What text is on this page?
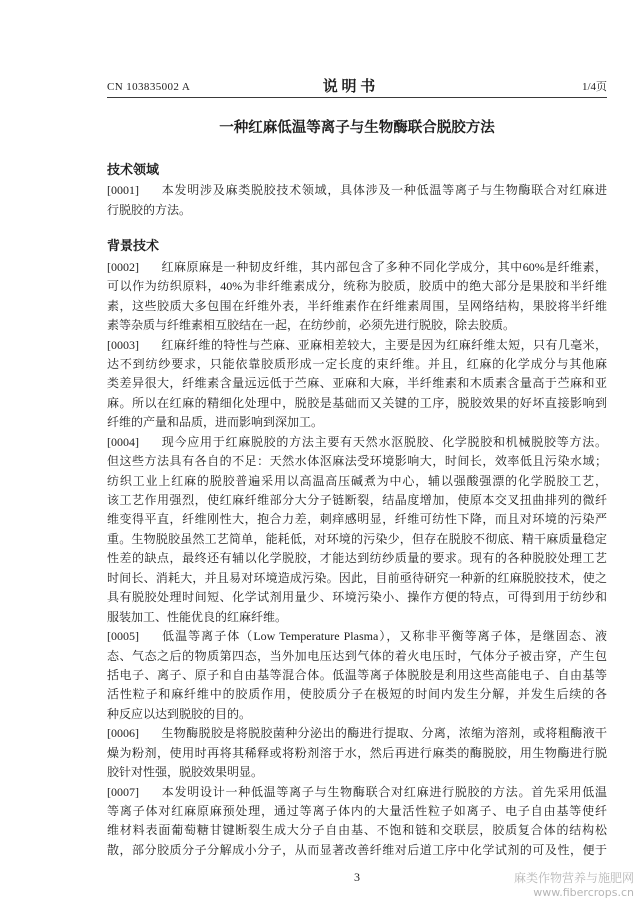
CN 103835002 A	说 明 书	1/4页
一种红麻低温等离子与生物酶联合脱胶方法
技术领域
[0001] 本发明涉及麻类脱胶技术领域，具体涉及一种低温等离子与生物酶联合对红麻进
行脱胶的方法。
背景技术
[0002] 红麻原麻是一种韧皮纤维，其内部包含了多种不同化学成分，其中60%是纤维素，
可以作为纺织原料，40%为非纤维素成分，统称为胶质，胶质中的绝大部分是果胶和半纤维
素，这些胶质大多包围在纤维外表，半纤维素作在纤维素周围，呈网络结构，果胶将半纤维
素等杂质与纤维素相互胶结在一起，在纺纱前，必须先进行脱胶，除去胶质。
[0003] 红麻纤维的特性与苎麻、亚麻相差较大，主要是因为红麻纤维太短，只有几毫米，
达不到纺纱要求，只能依靠胶质形成一定长度的束纤维。并且，红麻的化学成分与其他麻
类差异很大，纤维素含量远远低于苎麻、亚麻和大麻，半纤维素和木质素含量高于苎麻和亚
麻。所以在红麻的精细化处理中，脱胶是基础而又关键的工序，脱胶效果的好坏直接影响到
纤维的产量和品质，进而影响到深加工。
[0004] 现今应用于红麻脱胶的方法主要有天然水沤脱胶、化学脱胶和机械脱胶等方法。
但这些方法具有各自的不足：天然水体沤麻法受环境影响大，时间长，效率低且污染水域；
纺织工业上红麻的脱胶普遍采用以高温高压碱煮为中心，辅以强酸强漂的化学脱胶工艺，
该工艺作用强烈，使红麻纤维部分大分子链断裂，结晶度增加，使原本交叉扭曲排列的微纤
维变得平直，纤维刚性大，抱合力差，刺痒感明显，纤维可纺性下降，而且对环境的污染严
重。生物脱胶虽然工艺简单，能耗低，对环境的污染少，但存在脱胶不彻底、精干麻质量稳定
性差的缺点，最终还有辅以化学脱胶，才能达到纺纱质量的要求。现有的各种脱胶处理工艺
时间长、消耗大，并且易对环境造成污染。因此，目前亟待研究一种新的红麻脱胶技术，使之
具有脱胶处理时间短、化学试剂用量少、环境污染小、操作方便的特点，可得到用于纺纱和
服装加工、性能优良的红麻纤维。
[0005] 低温等离子体（Low Temperature Plasma），又称非平衡等离子体，是继固态、液
态、气态之后的物质第四态，当外加电压达到气体的着火电压时，气体分子被击穿，产生包
括电子、离子、原子和自由基等混合体。低温等离子体脱胶是利用这些高能电子、自由基等
活性粒子和麻纤维中的胶质作用，使胶质分子在极短的时间内发生分解，并发生后续的各
种反应以达到脱胶的目的。
[0006] 生物酶脱胶是将脱胶菌种分泌出的酶进行提取、分离，浓缩为溶剂，或将粗酶液干
燥为粉剂，使用时再将其稀释或将粉剂溶于水，然后再进行麻类的酶脱胶，用生物酶进行脱
胶针对性强，脱胶效果明显。
[0007] 本发明设计一种低温等离子与生物酶联合对红麻进行脱胶的方法。首先采用低温
等离子体对红麻原麻预处理，通过等离子体内的大量活性粒子如离子、电子自由基等使纤
维材料表面葡萄糖甘键断裂生成大分子自由基、不饱和链和交联层，胶质复合体的结构松
散，部分胶质分子分解成小分子，从而显著改善纤维对后道工序中化学试剂的可及性，便于
3	麻类作物营养与施肥网
www.fibercrops.cn
